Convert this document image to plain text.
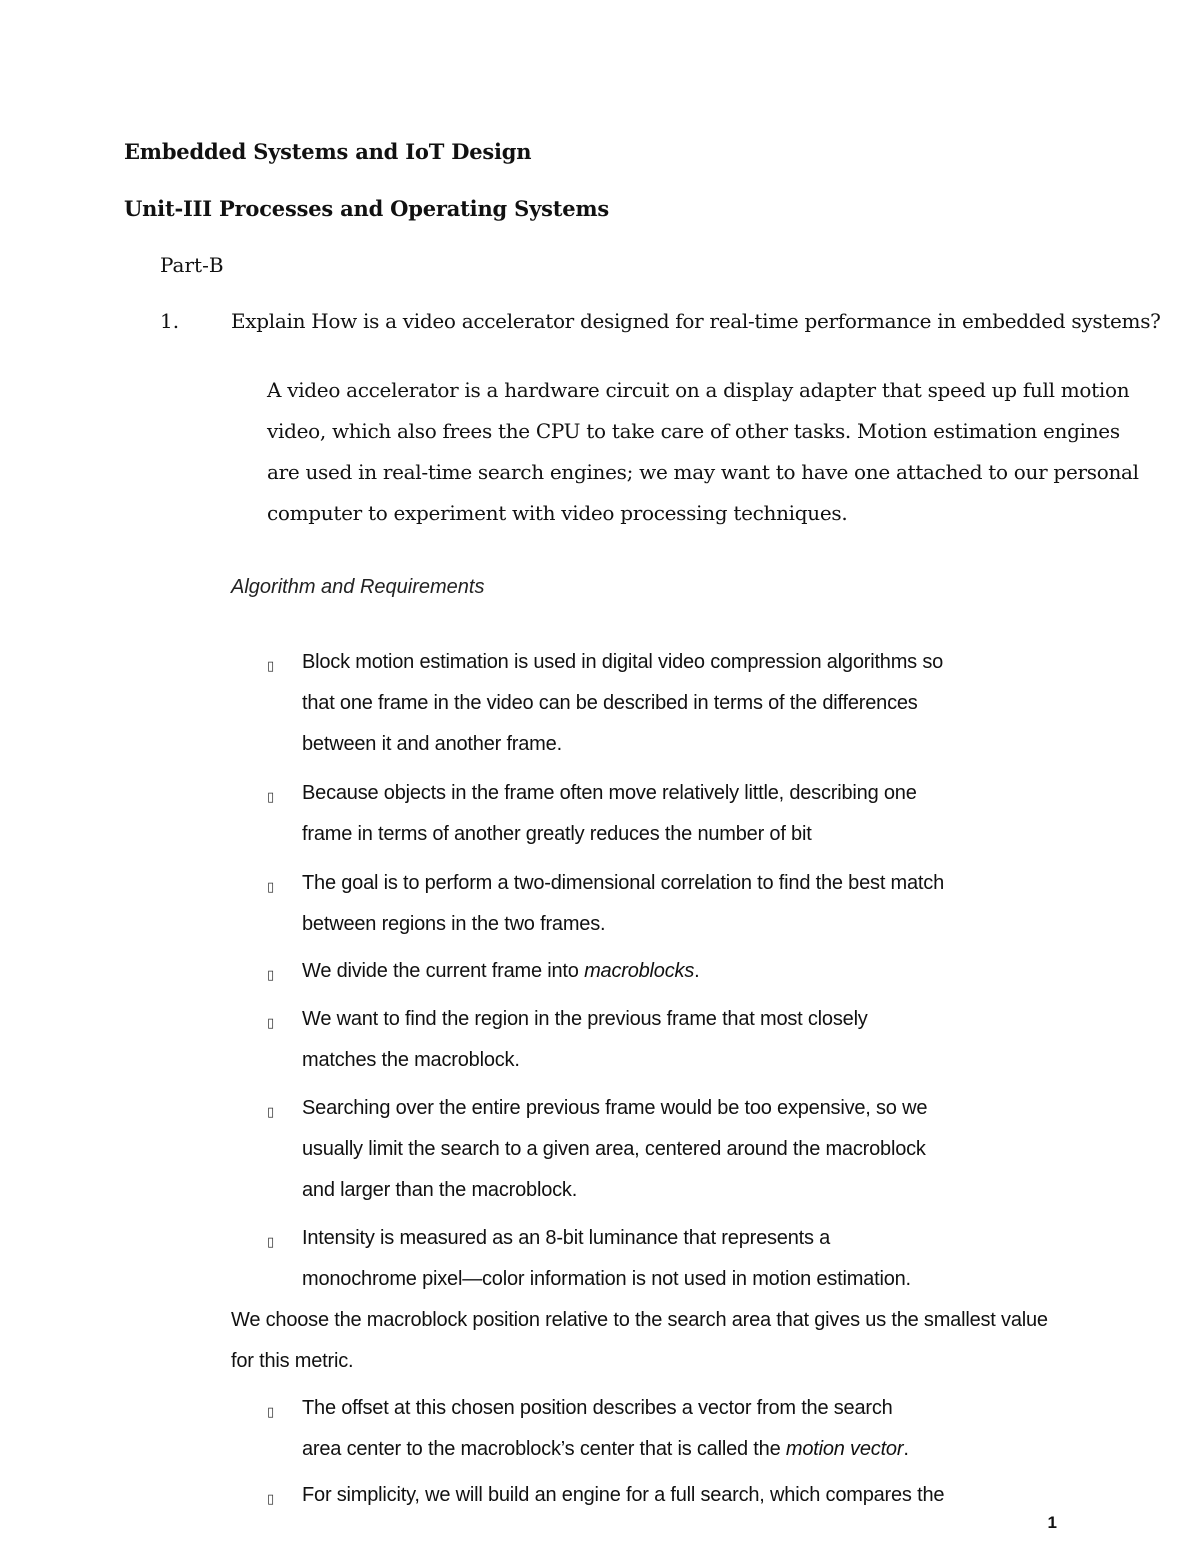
Embedded Systems and IoT Design
Unit-III Processes and Operating Systems
Part-B
1.	Explain How is a video accelerator designed for real-time performance in embedded systems?
A video accelerator is a hardware circuit on a display adapter that speed up full motion
video, which also frees the CPU to take care of other tasks. Motion estimation engines
are used in real-time search engines; we may want to have one attached to our personal
computer to experiment with video processing techniques.
Algorithm and Requirements
▯ Block motion estimation is used in digital video compression algorithms so
that one frame in the video can be described in terms of the differences
between it and another frame.
▯ Because objects in the frame often move relatively little, describing one
frame in terms of another greatly reduces the number of bit
▯ The goal is to perform a two-dimensional correlation to find the best match
between regions in the two frames.
▯ We divide the current frame into macroblocks.
▯ We want to find the region in the previous frame that most closely
matches the macroblock.
▯ Searching over the entire previous frame would be too expensive, so we
usually limit the search to a given area, centered around the macroblock
and larger than the macroblock.
▯ Intensity is measured as an 8-bit luminance that represents a
monochrome pixel—color information is not used in motion estimation.
We choose the macroblock position relative to the search area that gives us the smallest value
for this metric.
▯ The offset at this chosen position describes a vector from the search
area center to the macroblock’s center that is called the motion vector.
▯ For simplicity, we will build an engine for a full search, which compares the
1
